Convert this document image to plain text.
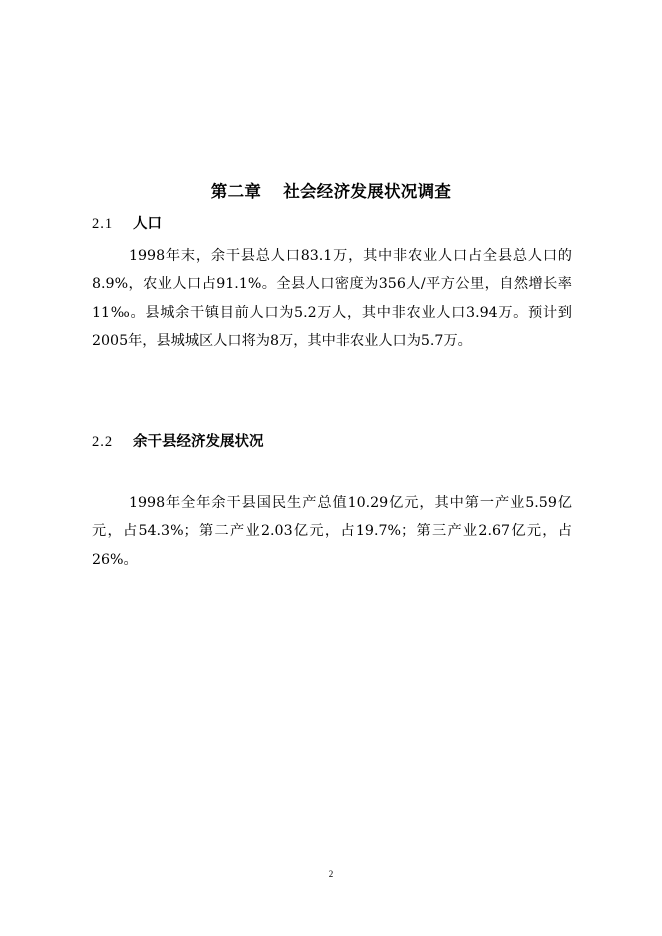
第二章 社会经济发展状况调查
2.1 人口

1998年末，余干县总人口83.1万，其中非农业人口占全县总人口的8.9%，农业人口占91.1%。全县人口密度为356人/平方公里，自然增长率11‰。县城余干镇目前人口为5.2万人，其中非农业人口3.94万。预计到2005年，县城城区人口将为8万，其中非农业人口为5.7万。

2.2 余干县经济发展状况

1998年全年余干县国民生产总值10.29亿元，其中第一产业5.59亿元，占54.3%；第二产业2.03亿元，占19.7%；第三产业2.67亿元，占26%。

2
